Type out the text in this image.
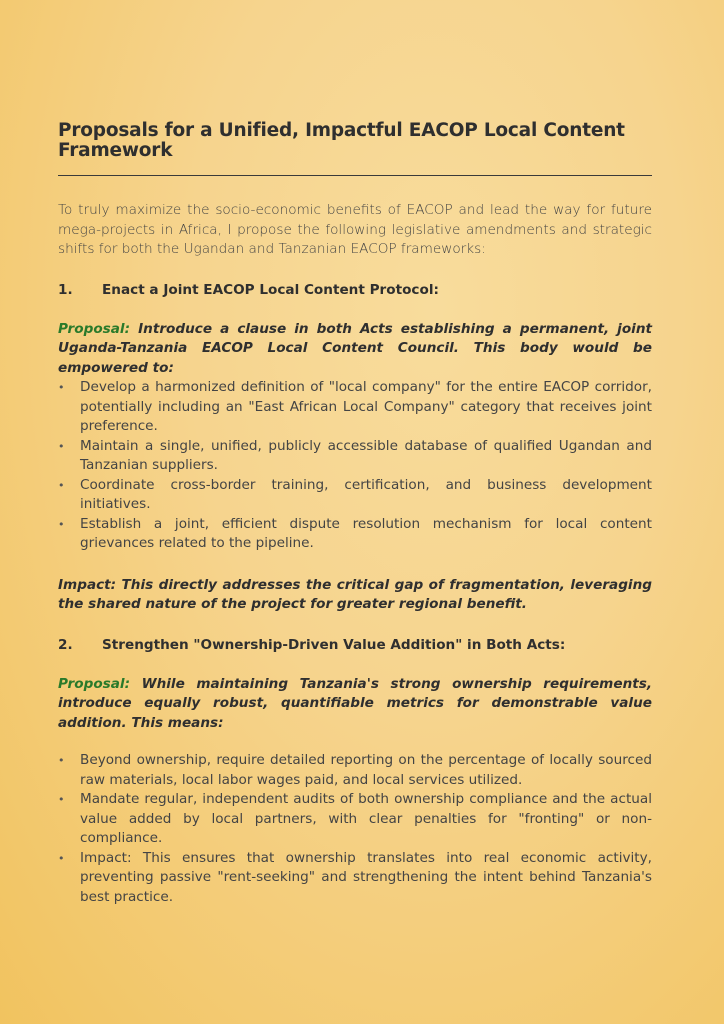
Proposals for a Unified, Impactful EACOP Local Content Framework

To truly maximize the socio-economic benefits of EACOP and lead the way for future mega-projects in Africa, I propose the following legislative amendments and strategic shifts for both the Ugandan and Tanzanian EACOP frameworks:

1.	Enact a Joint EACOP Local Content Protocol:

Proposal: Introduce a clause in both Acts establishing a permanent, joint Uganda-Tanzania EACOP Local Content Council. This body would be empowered to:

• Develop a harmonized definition of "local company" for the entire EACOP corridor, potentially including an "East African Local Company" category that receives joint preference.
• Maintain a single, unified, publicly accessible database of qualified Ugandan and Tanzanian suppliers.
• Coordinate cross-border training, certification, and business development initiatives.
• Establish a joint, efficient dispute resolution mechanism for local content grievances related to the pipeline.

Impact: This directly addresses the critical gap of fragmentation, leveraging the shared nature of the project for greater regional benefit.

2.	Strengthen "Ownership-Driven Value Addition" in Both Acts:

Proposal: While maintaining Tanzania's strong ownership requirements, introduce equally robust, quantifiable metrics for demonstrable value addition. This means:

• Beyond ownership, require detailed reporting on the percentage of locally sourced raw materials, local labor wages paid, and local services utilized.
• Mandate regular, independent audits of both ownership compliance and the actual value added by local partners, with clear penalties for "fronting" or non-compliance.
• Impact: This ensures that ownership translates into real economic activity, preventing passive "rent-seeking" and strengthening the intent behind Tanzania's best practice.
